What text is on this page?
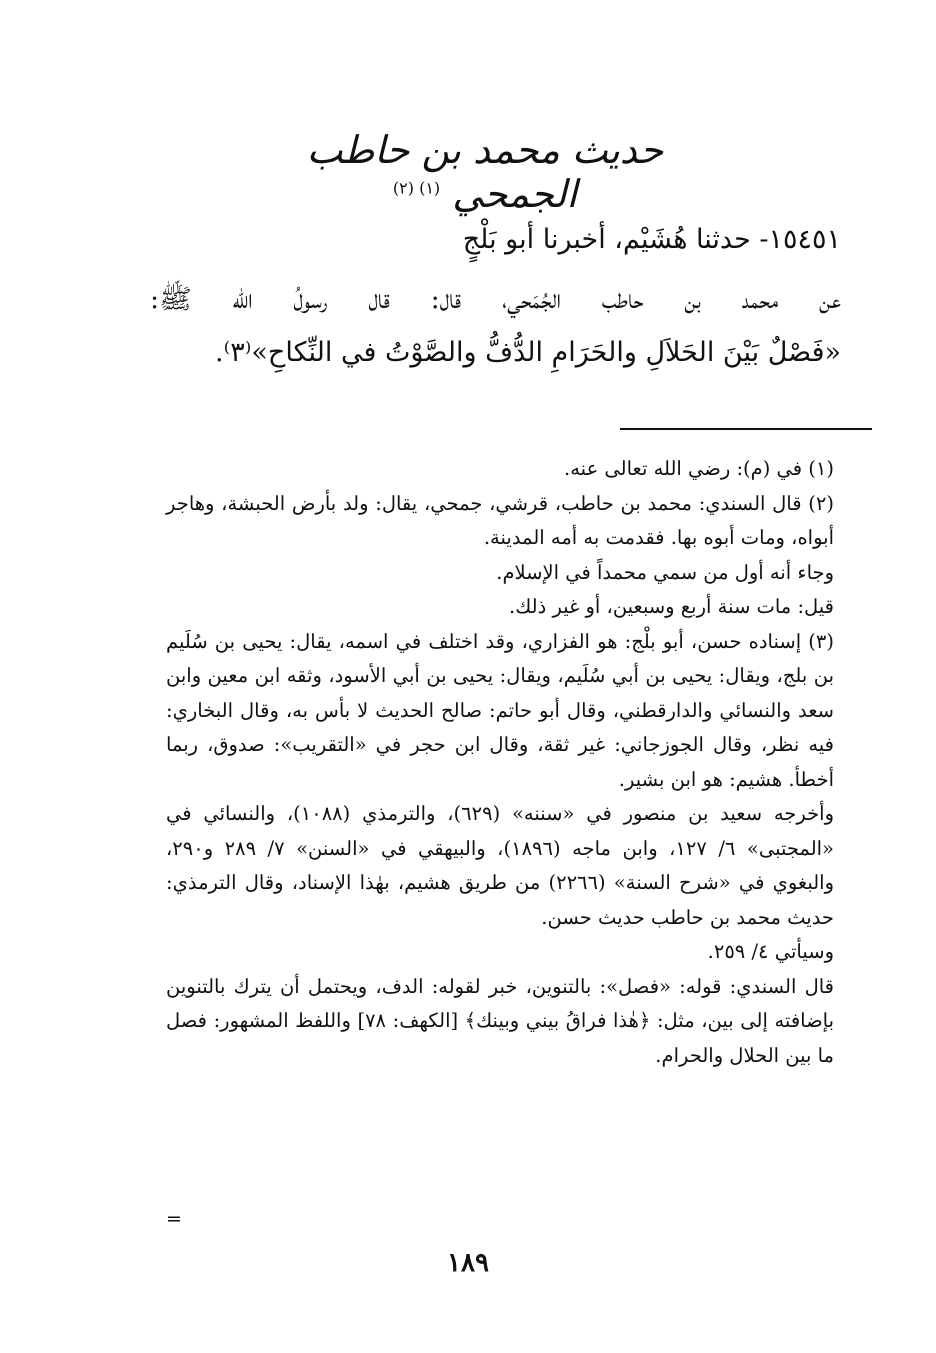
حديث محمد بن حاطب الجمحي $^{(١) (٢)}$
١٥٤٥١- حدثنا هُشَيْم، أخبرنا أبو بَلْجٍ
عن محمد بن حاطب الجُمَحي، قال: قال رسولُ الله ﷺ:
«فَصْلٌ بَيْنَ الحَلاَلِ والحَرَامِ الدُّفُّ والصَّوْتُ في النِّكاحِ»⁽٣⁾.

(١) في (م): رضي الله تعالى عنه.

(٢) قال السندي: محمد بن حاطب، قرشي، جمحي، يقال: ولد بأرض الحبشة، وهاجر أبواه، ومات أبوه بها. فقدمت به أمه المدينة.

وجاء أنه أول من سمي محمداً في الإسلام.

قيل: مات سنة أربع وسبعين، أو غير ذلك.

(٣) إسناده حسن، أبو بلْج: هو الفزاري، وقد اختلف في اسمه، يقال: يحيى بن سُلَيم بن بلج، ويقال: يحيى بن أبي سُلَيم، ويقال: يحيى بن أبي الأسود، وثقه ابن معين وابن سعد والنسائي والدارقطني، وقال أبو حاتم: صالح الحديث لا بأس به، وقال البخاري: فيه نظر، وقال الجوزجاني: غير ثقة، وقال ابن حجر في «التقريب»: صدوق، ربما أخطأ. هشيم: هو ابن بشير.

وأخرجه سعيد بن منصور في «سننه» (٦٢٩)، والترمذي (١٠٨٨)، والنسائي في «المجتبى» ٦/ ١٢٧، وابن ماجه (١٨٩٦)، والبيهقي في «السنن» ٧/ ٢٨٩ و٢٩٠، والبغوي في «شرح السنة» (٢٢٦٦) من طريق هشيم، بهٰذا الإسناد، وقال الترمذي: حديث محمد بن حاطب حديث حسن.

وسيأتي ٤/ ٢٥٩.

قال السندي: قوله: «فصل»: بالتنوين، خبر لقوله: الدف، ويحتمل أن يترك بالتنوين بإضافته إلى بين، مثل: ﴿هٰذا فراقُ بيني وبينك﴾ [الكهف: ٧٨] واللفظ المشهور: فصل ما بين الحلال والحرام.

=
١٨٩
